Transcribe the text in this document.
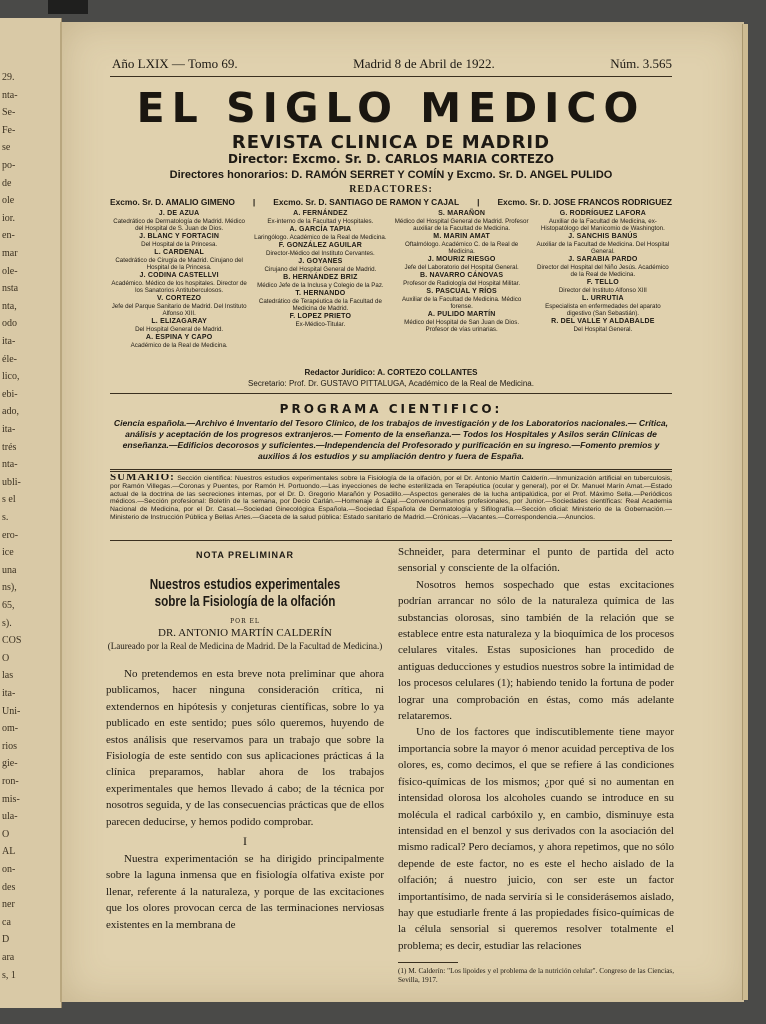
29.
nta-
Se-
Fe-
se
po-
de
ole
ior.
en-
mar
ole-
nsta
nta,
odo
ita-
éle-
lico,
ebi-
ado,
ita-
trés
nta-
ubli-
s el
s.
ero-
ice
una
ns),
65,
s).
COS
O
las
ita-
Uni-
om-
rios
gie-
ron-
mis-
ula-
O
AL
on-
des
ner
ca
D
ara
s, 1
Año LXIX — Tomo 69.	Madrid 8 de Abril de 1922.	Núm. 3.565
EL SIGLO MEDICO
REVISTA CLINICA DE MADRID
Director: Excmo. Sr. D. CARLOS MARIA CORTEZO
Directores honorarios: D. RAMÓN SERRET Y COMÍN y Excmo. Sr. D. ANGEL PULIDO
REDACTORES:
Excmo. Sr. D. AMALIO GIMENO | Excmo. Sr. D. SANTIAGO DE RAMON Y CAJAL | Excmo. Sr. D. JOSE FRANCOS RODRIGUEZ
J. DE AZUA
Catedrático de Dermatología de Madrid. Médico del Hospital de S. Juan de Dios.
J. BLANC Y FORTACIN
Del Hospital de la Princesa.
L. CARDENAL
Catedrático de Cirugía de Madrid. Cirujano del Hospital de la Princesa.
J. CODINA CASTELLVI
Académico. Médico de los hospitales. Director de los Sanatorios Antituberculosos.
V. CORTEZO
Jefe del Parque Sanitario de Madrid. Del Instituto Alfonso XIII.
L. ELIZAGARAY
Del Hospital General de Madrid.
A. ESPINA Y CAPO
Académico de la Real de Medicina.
A. FERNÁNDEZ
Ex-interno de la Facultad y Hospitales.
A. GARCÍA TAPIA
Laringólogo. Académico de la Real de Medicina.
F. GONZÁLEZ AGUILAR
Director-Médico del Instituto Cervantes.
J. GOYANES
Cirujano del Hospital General de Madrid.
B. HERNÁNDEZ BRIZ
Médico Jefe de la Inclusa y Colegio de la Paz.
T. HERNANDO
Catedrático de Terapéutica de la Facultad de Medicina de Madrid.
F. LOPEZ PRIETO
Ex-Médico-Titular.
S. MARAÑON
Médico del Hospital General de Madrid. Profesor auxiliar de la Facultad de Medicina.
M. MARIN AMAT
Oftalmólogo. Académico C. de la Real de Medicina.
J. MOURIZ RIESGO
Jefe del Laboratorio del Hospital General.
B. NAVARRO CÁNOVAS
Profesor de Radiología del Hospital Militar.
S. PASCUAL Y RÍOS
Auxiliar de la Facultad de Medicina. Médico forense.
A. PULIDO MARTÍN
Médico del Hospital de San Juan de Dios. Profesor de vías urinarias.
G. RODRÍGUEZ LAFORA
Auxiliar de la Facultad de Medicina, ex-Histopatólogo del Manicomio de Washington.
J. SANCHIS BANÚS
Auxiliar de la Facultad de Medicina. Del Hospital General.
J. SARABIA PARDO
Director del Hospital del Niño Jesús. Académico de la Real de Medicina.
F. TELLO
Director del Instituto Alfonso XIII
L. URRUTIA
Especialista en enfermedades del aparato digestivo (San Sebastián).
R. DEL VALLE Y ALDABALDE
Del Hospital General.
Redactor Jurídico: A. CORTEZO COLLANTES
Secretario: Prof. Dr. GUSTAVO PITTALUGA, Académico de la Real de Medicina.
PROGRAMA CIENTIFICO:
Ciencia española.—Archivo é Inventario del Tesoro Clínico, de los trabajos de investigación y de los Laboratorios nacionales.— Crítica, análisis y aceptación de los progresos extranjeros.— Fomento de la enseñanza.— Todos los Hospitales y Asilos serán Clínicas de enseñanza.—Edificios decorosos y suficientes.—Independencia del Profesorado y purificación en su ingreso.—Fomento premios y auxilios á los estudios y su ampliación dentro y fuera de España.
SUMARIO: Sección científica: Nuestros estudios experimentales sobre la Fisiología de la olfación, por el Dr. Antonio Martín Calderín.—Inmunización artificial en tuberculosis, por Ramón Villegas.—Coronas y Puentes, por Ramón H. Portuondo.—Las inyecciones de leche esterilizada en Terapéutica (ocular y general), por el Dr. Manuel Marín Amat.—Estado actual de la doctrina de las secreciones internas, por el Dr. D. Gregorio Marañón y Posadillo.—Aspectos generales de la lucha antipalúdica, por el Prof. Máximo Sella.—Periódicos médicos.—Sección profesional: Boletín de la semana, por Decio Carlán.—Homenaje á Cajal.—Convencionalismos profesionales, por Junior.—Sociedades científicas: Real Academia Nacional de Medicina, por el Dr. Casal.—Sociedad Ginecológica Española.—Sociedad Española de Dermatología y Sifilografía.—Sección oficial: Ministerio de la Gobernación.—Ministerio de Instrucción Pública y Bellas Artes.—Gaceta de la salud pública: Estado sanitario de Madrid.—Crónicas.—Vacantes.—Correspondencia.—Anuncios.
NOTA PRELIMINAR
Nuestros estudios experimentales sobre la Fisiología de la olfación
POR EL
DR. ANTONIO MARTÍN CALDERÍN
(Laureado por la Real de Medicina de Madrid. De la Facultad de Medicina.)

No pretendemos en esta breve nota preliminar que ahora publicamos, hacer ninguna consideración crítica, ni extendernos en hipótesis y conjeturas científicas, sobre lo ya publicado en este sentido; pues sólo queremos, huyendo de estos análisis que reservamos para un trabajo que sobre la Fisiología de este sentido con sus aplicaciones prácticas á la clínica preparamos, hablar ahora de los trabajos experimentales que hemos llevado á cabo; de la técnica por nosotros seguida, y de las consecuencias prácticas que de ellos parecen deducirse, y hemos podido comprobar.

I

Nuestra experimentación se ha dirigido principalmente sobre la laguna inmensa que en fisiología olfativa existe por llenar, referente á la naturaleza, y porque de las excitaciones que los olores provocan cerca de las terminaciones nerviosas existentes en la membrana de

Schneider, para determinar el punto de partida del acto sensorial y consciente de la olfación.

Nosotros hemos sospechado que estas excitaciones podrían arrancar no sólo de la naturaleza química de las substancias olorosas, sino también de la relación que se establece entre esta naturaleza y la bioquímica de los procesos celulares vitales. Estas suposiciones han procedido de antiguas deducciones y estudios nuestros sobre la intimidad de los procesos celulares (1); habiendo tenido la fortuna de poder lograr una comprobación en éstas, como más adelante relataremos.

Uno de los factores que indiscutiblemente tiene mayor importancia sobre la mayor ó menor acuidad perceptiva de los olores, es, como decimos, el que se refiere á las condiciones físico-químicas de los mismos; ¿por qué si no aumentan en intensidad olorosa los alcoholes cuando se introduce en su molécula el radical carbóxilo y, en cambio, disminuye esta intensidad en el benzol y sus derivados con la asociación del mismo radical? Pero decíamos, y ahora repetimos, que no sólo depende de este factor, no es este el hecho aislado de la olfación; á nuestro juicio, con ser este un factor importantísimo, de nada serviría si le considerásemos aislado, hay que estudiarle frente á las propiedades físico-químicas de la célula sensorial si queremos resolver totalmente el problema; es decir, estudiar las relaciones

(1) M. Calderín: "Los lipoides y el problema de la nutrición celular". Congreso de las Ciencias, Sevilla, 1917.
